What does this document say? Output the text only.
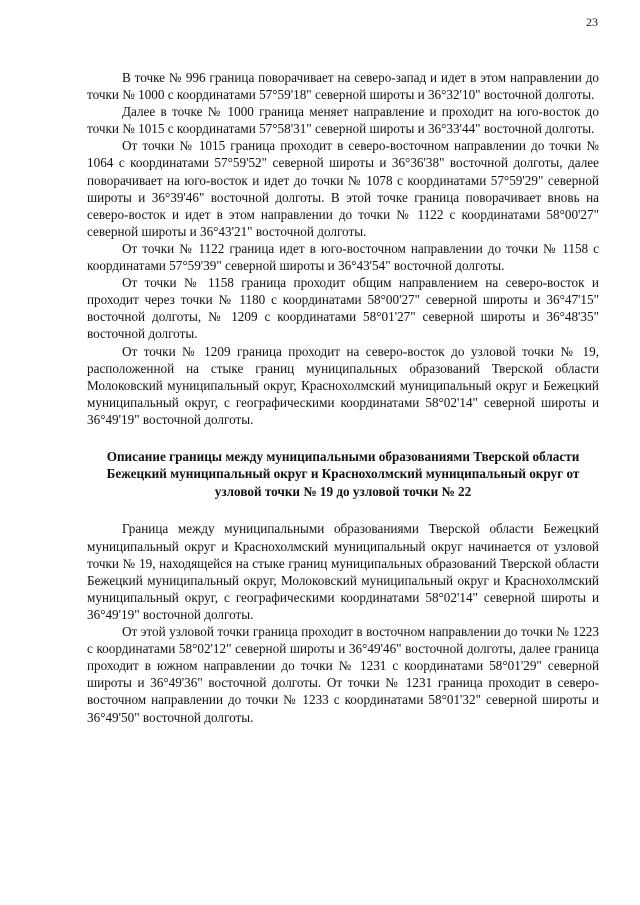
23

В точке № 996 граница поворачивает на северо-запад и идет в этом направлении до точки № 1000 с координатами 57°59'18" северной широты и 36°32'10" восточной долготы.

Далее в точке № 1000 граница меняет направление и проходит на юго-восток до точки № 1015 с координатами 57°58'31" северной широты и 36°33'44" восточной долготы.

От точки № 1015 граница проходит в северо-восточном направлении до точки № 1064 с координатами 57°59'52" северной широты и 36°36'38" восточной долготы, далее поворачивает на юго-восток и идет до точки № 1078 с координатами 57°59'29" северной широты и 36°39'46" восточной долготы. В этой точке граница поворачивает вновь на северо-восток и идет в этом направлении до точки № 1122 с координатами 58°00'27" северной широты и 36°43'21" восточной долготы.

От точки № 1122 граница идет в юго-восточном направлении до точки № 1158 с координатами 57°59'39" северной широты и 36°43'54" восточной долготы.

От точки № 1158 граница проходит общим направлением на северо-восток и проходит через точки № 1180 с координатами 58°00'27" северной широты и 36°47'15" восточной долготы, № 1209 с координатами 58°01'27" северной широты и 36°48'35" восточной долготы.

От точки № 1209 граница проходит на северо-восток до узловой точки № 19, расположенной на стыке границ муниципальных образований Тверской области Молоковский муниципальный округ, Краснохолмский муниципальный округ и Бежецкий муниципальный округ, с географическими координатами 58°02'14" северной широты и 36°49'19" восточной долготы.

Описание границы между муниципальными образованиями Тверской области Бежецкий муниципальный округ и Краснохолмский муниципальный округ от узловой точки № 19 до узловой точки № 22

Граница между муниципальными образованиями Тверской области Бежецкий муниципальный округ и Краснохолмский муниципальный округ начинается от узловой точки № 19, находящейся на стыке границ муниципальных образований Тверской области Бежецкий муниципальный округ, Молоковский муниципальный округ и Краснохолмский муниципальный округ, с географическими координатами 58°02'14" северной широты и 36°49'19" восточной долготы.

От этой узловой точки граница проходит в восточном направлении до точки № 1223 с координатами 58°02'12" северной широты и 36°49'46" восточной долготы, далее граница проходит в южном направлении до точки № 1231 с координатами 58°01'29" северной широты и 36°49'36" восточной долготы. От точки № 1231 граница проходит в северо-восточном направлении до точки № 1233 с координатами 58°01'32" северной широты и 36°49'50" восточной долготы.
